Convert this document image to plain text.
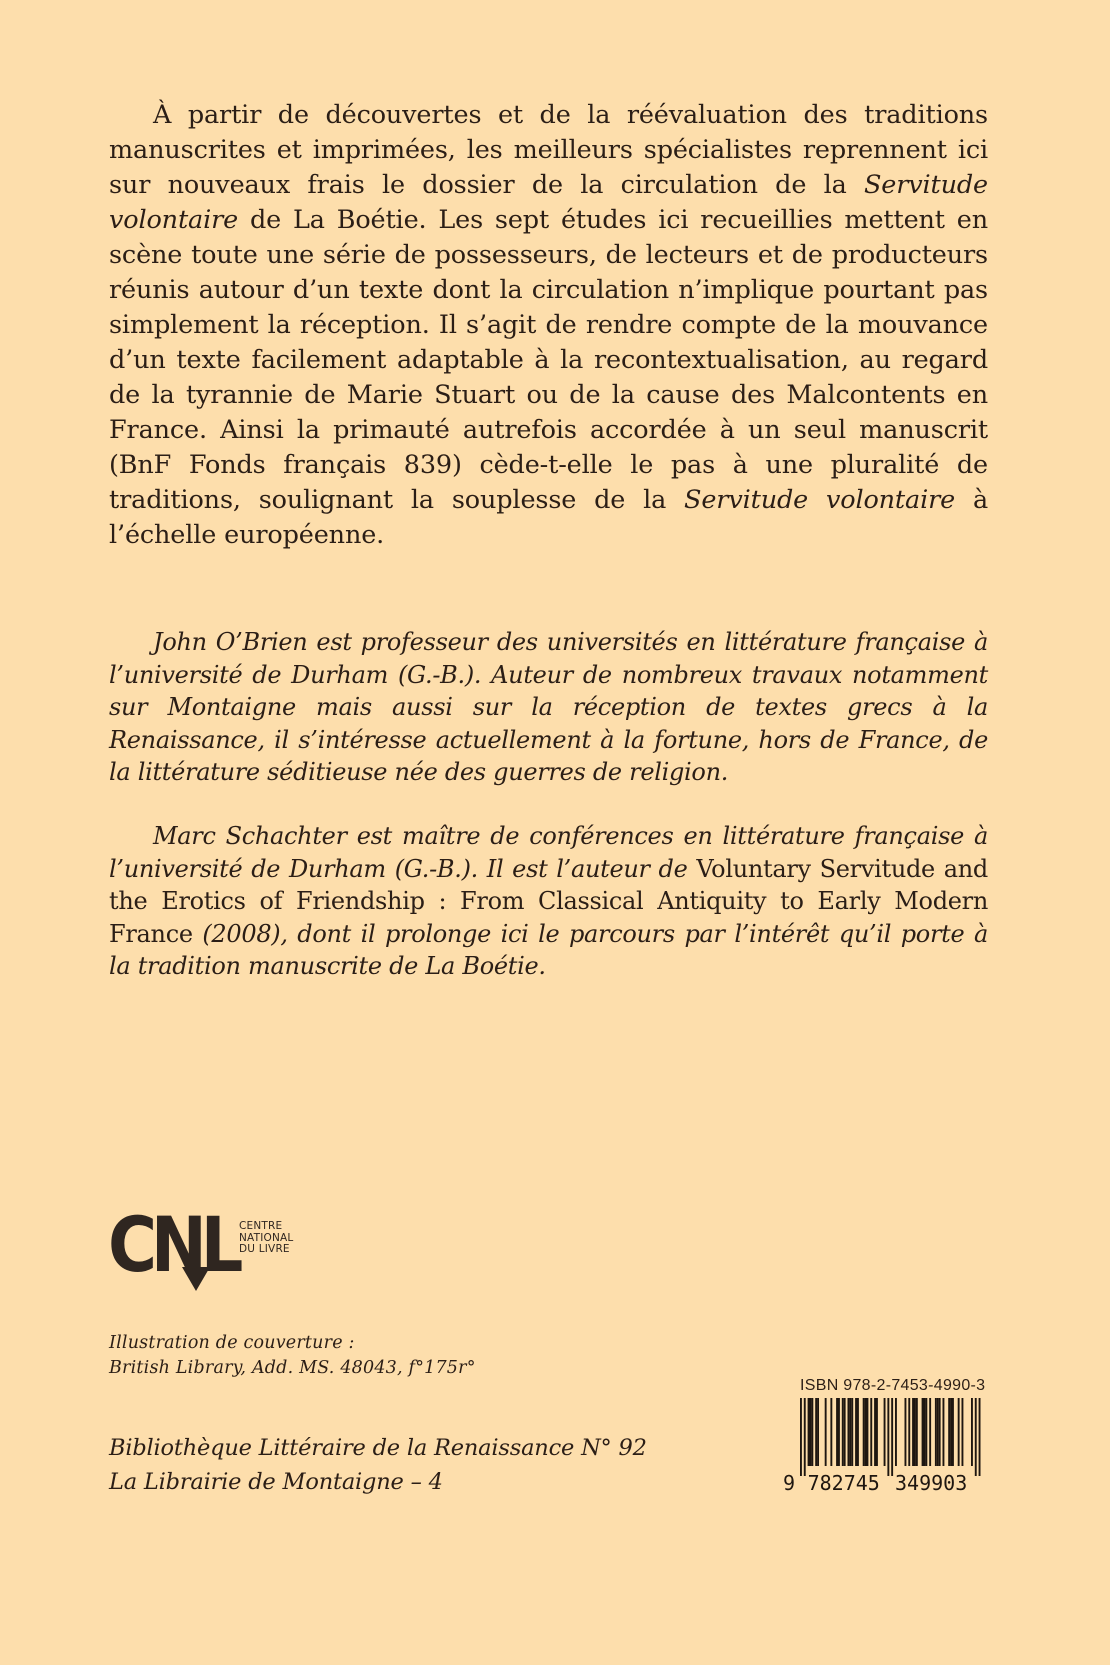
À partir de découvertes et de la réévaluation des traditions manuscrites et imprimées, les meilleurs spécialistes reprennent ici sur nouveaux frais le dossier de la circulation de la Servitude volontaire de La Boétie. Les sept études ici recueillies mettent en scène toute une série de possesseurs, de lecteurs et de producteurs réunis autour d’un texte dont la circulation n’implique pourtant pas simplement la réception. Il s’agit de rendre compte de la mouvance d’un texte facilement adaptable à la recontextualisation, au regard de la tyrannie de Marie Stuart ou de la cause des Malcontents en France. Ainsi la primauté autrefois accordée à un seul manuscrit (BnF Fonds français 839) cède-t-elle le pas à une pluralité de traditions, soulignant la souplesse de la Servitude volontaire à l’échelle européenne.
John O’Brien est professeur des universités en littérature française à l’université de Durham (G.-B.). Auteur de nombreux travaux notamment sur Montaigne mais aussi sur la réception de textes grecs à la Renaissance, il s’intéresse actuellement à la fortune, hors de France, de la littérature séditieuse née des guerres de religion.
Marc Schachter est maître de conférences en littérature française à l’université de Durham (G.-B.). Il est l’auteur de Voluntary Servitude and the Erotics of Friendship : From Classical Antiquity to Early Modern France (2008), dont il prolonge ici le parcours par l’intérêt qu’il porte à la tradition manuscrite de La Boétie.
CNL CENTRE
NATIONAL
DU LIVRE
Illustration de couverture :
British Library, Add. MS. 48043, f°175r°
Bibliothèque Littéraire de la Renaissance N° 92
La Librairie de Montaigne – 4
ISBN 978-2-7453-4990-3
9 782745 349903
